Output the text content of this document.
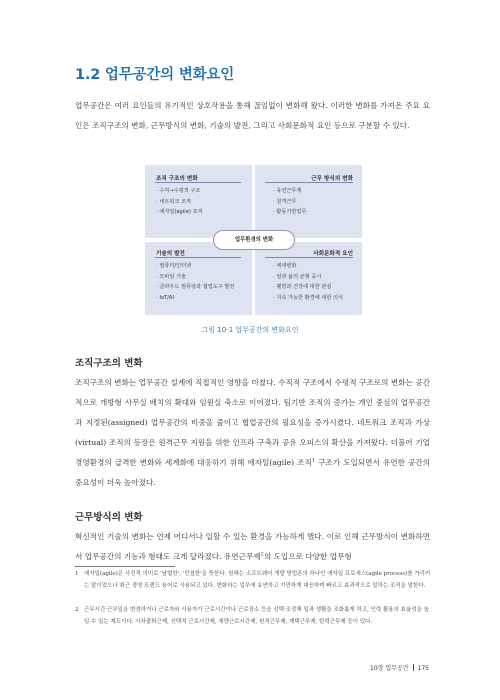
1.2 업무공간의 변화요인

업무공간은 여러 요인들의 유기적인 상호작용을 통해 끊임없이 변화해 왔다. 이러한 변화를 가져온 주요 요인은 조직구조의 변화, 근무방식의 변화, 기술의 발전, 그리고 사회문화적 요인 등으로 구분할 수 있다.

조직 구조의 변화
· 수직→수평적 구조
· 네트워크 조직
· 애자일(agile) 조직
근무 방식의 변화
· 유연근무제
· 원격근무
· 활동기반업무
기술의 발전
· 컴퓨터/인터넷
· 모바일 기술
· 클라우드 컴퓨팅과 협업도구 발전
· IoT/AI
사회문화적 요인
· 세대변화
· 일과 삶의 균형 중시
· 웰빙과 건강에 대한 관심
· 지속 가능한 환경에 대한 의식
업무환경의 변화
그림 10-1 업무공간의 변화요인
조직구조의 변화

조직구조의 변화는 업무공간 설계에 직접적인 영향을 미쳤다. 수직적 구조에서 수평적 구조로의 변화는 공간적으로 개방형 사무실 배치의 확대와 임원실 축소로 이어졌다. 팀기반 조직의 증가는 개인 중심의 업무공간과 지정된(assigned) 업무공간의 비중을 줄이고 협업공간의 필요성을 증가시켰다. 네트워크 조직과 가상(virtual) 조직의 등장은 원격근무 지원을 위한 인프라 구축과 공유 오피스의 확산을 가져왔다. 더불어 기업 경영환경의 급격한 변화와 세계화에 대응하기 위해 애자일(agile) 조직$^1$ 구조가 도입되면서 유연한 공간의 중요성이 더욱 높아졌다.

근무방식의 변화

혁신적인 기술의 변화는 언제 어디서나 일할 수 있는 환경을 가능하게 했다. 이로 인해 근무방식이 변화하면서 업무공간의 기능과 형태도 크게 달라졌다. 유연근무제$^2$의 도입으로 다양한 업무형

1 애자일(agile)은 사전적 의미로 '날렵한', '민첩한'을 뜻한다. 원래는 소프트웨어 개발 방법론의 하나인 애자일 프로세스(agile process)를 가리키는 말이었으나 최근 경영 트렌드 용어로 사용되고 있다. 변화하는 업무에 유연하고 기민하게 대응하며 빠르고 효과적으로 일하는 조직을 말한다.
2 근무시간·근무일을 변경하거나 근로자와 사용자가 근로시간이나 근로장소 등을 선택·조정해 일과 생활을 조화롭게 하고, 인력 활용의 효율성을 높일 수 있는 제도이다. 시차출퇴근제, 선택적 근로시간제, 재량근로시간제, 원격근무제, 재택근무제, 탄력근무제 등이 있다.
10장 업무공간 175
